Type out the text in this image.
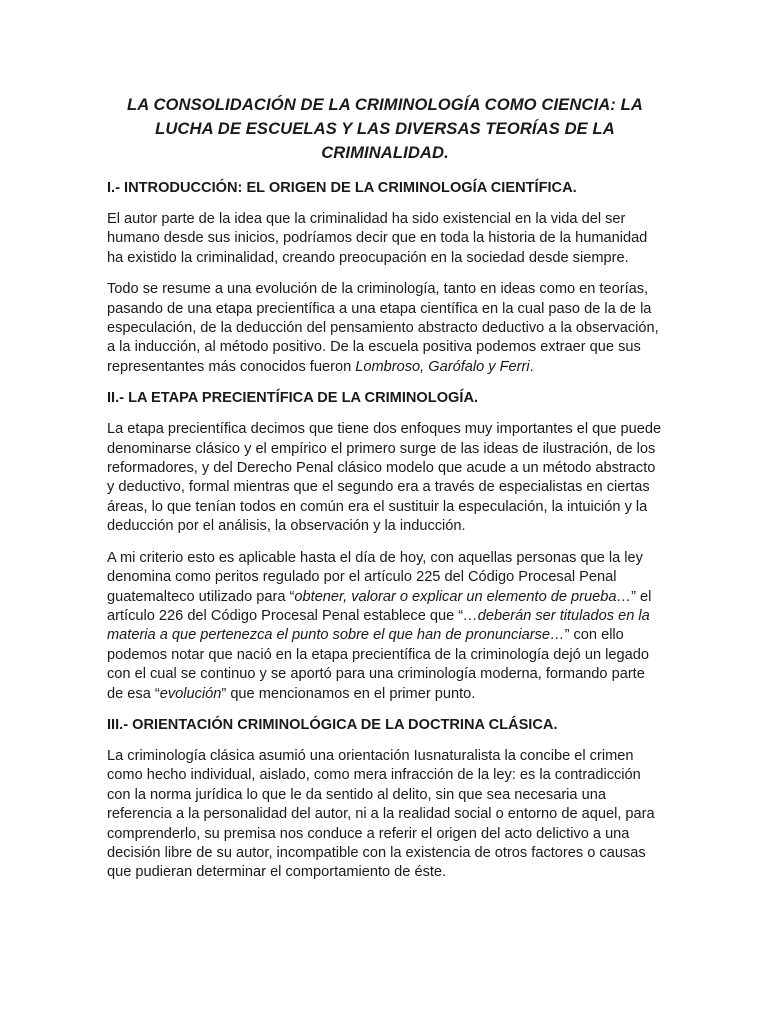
LA CONSOLIDACIÓN DE LA CRIMINOLOGÍA COMO CIENCIA: LA LUCHA DE ESCUELAS Y LAS DIVERSAS TEORÍAS DE LA CRIMINALIDAD.
I.- INTRODUCCIÓN: EL ORIGEN DE LA CRIMINOLOGÍA CIENTÍFICA.

El autor parte de la idea que la criminalidad ha sido existencial en la vida del ser humano desde sus inicios, podríamos decir que en toda la historia de la humanidad ha existido la criminalidad, creando preocupación en la sociedad desde siempre.

Todo se resume a una evolución de la criminología, tanto en ideas como en teorías, pasando de una etapa precientífica a una etapa científica en la cual paso de la de la especulación, de la deducción del pensamiento abstracto deductivo a la observación, a la inducción, al método positivo. De la escuela positiva podemos extraer que sus representantes más conocidos fueron Lombroso, Garófalo y Ferri.

II.- LA ETAPA PRECIENTÍFICA DE LA CRIMINOLOGÍA.

La etapa precientífica decimos que tiene dos enfoques muy importantes el que puede denominarse clásico y el empírico el primero surge de las ideas de ilustración, de los reformadores, y del Derecho Penal clásico modelo que acude a un método abstracto y deductivo, formal mientras que el segundo era a través de especialistas en ciertas áreas, lo que tenían todos en común era el sustituir la especulación, la intuición y la deducción por el análisis, la observación y la inducción.

A mi criterio esto es aplicable hasta el día de hoy, con aquellas personas que la ley denomina como peritos regulado por el artículo 225 del Código Procesal Penal guatemalteco utilizado para “obtener, valorar o explicar un elemento de prueba…” el artículo 226 del Código Procesal Penal establece que “…deberán ser titulados en la materia a que pertenezca el punto sobre el que han de pronunciarse…” con ello podemos notar que nació en la etapa precientífica de la criminología dejó un legado con el cual se continuo y se aportó para una criminología moderna, formando parte de esa “evolución” que mencionamos en el primer punto.

III.- ORIENTACIÓN CRIMINOLÓGICA DE LA DOCTRINA CLÁSICA.

La criminología clásica asumió una orientación Iusnaturalista la concibe el crimen como hecho individual, aislado, como mera infracción de la ley: es la contradicción con la norma jurídica lo que le da sentido al delito, sin que sea necesaria una referencia a la personalidad del autor, ni a la realidad social o entorno de aquel, para comprenderlo, su premisa nos conduce a referir el origen del acto delictivo a una decisión libre de su autor, incompatible con la existencia de otros factores o causas que pudieran determinar el comportamiento de éste.
